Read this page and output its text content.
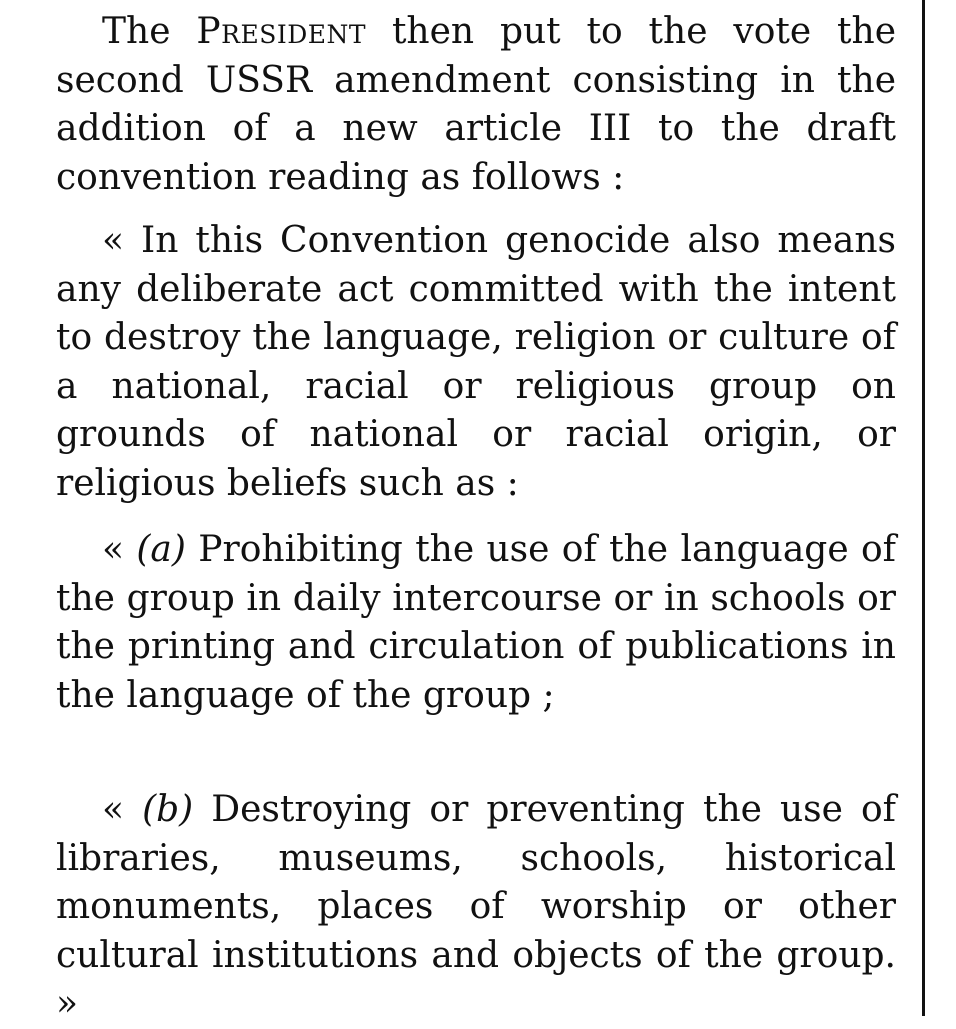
The President then put to the vote the second USSR amendment consisting in the addition of a new article III to the draft convention reading as follows :

« In this Convention genocide also means any deliberate act committed with the intent to destroy the language, religion or culture of a national, racial or religious group on grounds of national or racial origin, or religious beliefs such as :

« (a) Prohibiting the use of the language of the group in daily intercourse or in schools or the printing and circulation of publications in the language of the group ;

« (b) Destroying or preventing the use of libraries, museums, schools, historical monuments, places of worship or other cultural institutions and objects of the group. »
